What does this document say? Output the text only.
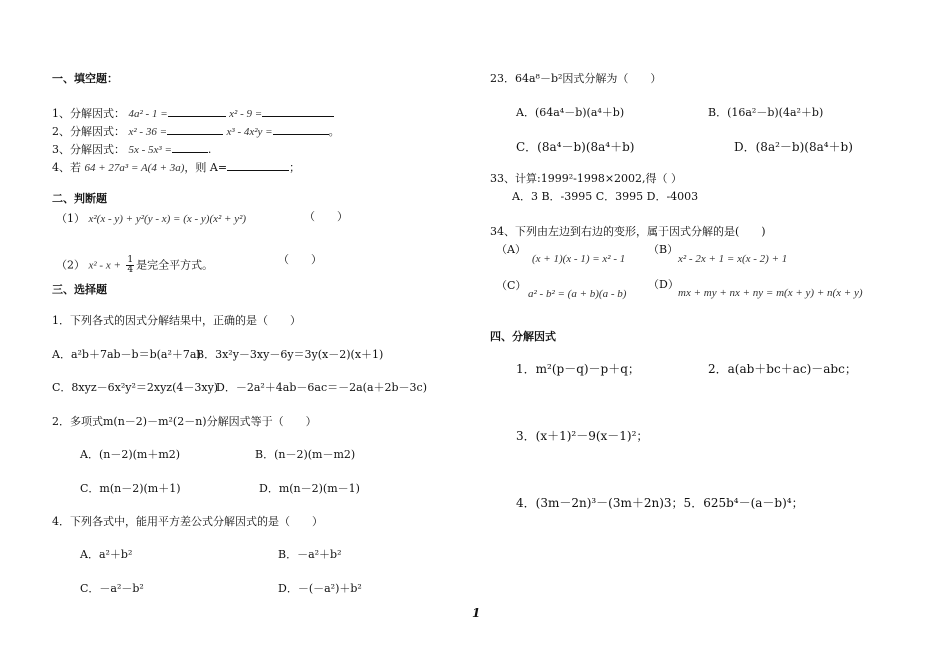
一、填空题：
1、分解因式： 4a² - 1 =	x² - 9 =
2、分解因式： x² - 36 =	x³ - 4x²y =	。
3、分解因式： 5x - 5x³ =	.
4、若 64 + 27a³ = A(4 + 3a)，则 A=	；
二、判断题
（1） x²(x - y) + y²(y - x) = (x - y)(x² + y²)	（　　）
（2） $x^2 - x + \frac{1}{4}$ 是完全平方式。	（　　）
三、选择题
1．下列各式的因式分解结果中，正确的是（　　）
A．a²b＋7ab－b＝b(a²＋7a)
B．3x²y－3xy－6y＝3y(x－2)(x＋1)
C．8xyz－6x²y²＝2xyz(4－3xy)
D．－2a²＋4ab－6ac＝－2a(a＋2b－3c)
2．多项式m(n－2)－m²(2－n)分解因式等于（　　）
A．(n－2)(m＋m2)	B．(n－2)(m－m2)
C．m(n－2)(m＋1)	D．m(n－2)(m－1)
4．下列各式中，能用平方差公式分解因式的是（　　）
A．a²＋b²	B．－a²＋b²
C．－a²－b²	D．－(－a²)＋b²
23．64a⁸－b²因式分解为（　　）
A．(64a⁴－b)(a⁴＋b)	B．(16a²－b)(4a²＋b)
C．(8a⁴－b)(8a⁴＋b)	D．(8a²－b)(8a⁴＋b)
33、计算:1999²-1998×2002,得（ ）
A．3 B．-3995 C．3995 D．-4003
34、下列由左边到右边的变形，属于因式分解的是(　　)
（A）
(x + 1)(x - 1) = x² - 1
（B）
x² - 2x + 1 = x(x - 2) + 1
（C）
a² - b² = (a + b)(a - b)
（D）
mx + my + nx + ny = m(x + y) + n(x + y)
四、分解因式
1．m²(p－q)－p＋q；	2．a(ab＋bc＋ac)－abc；
3．(x＋1)²－9(x－1)²；
4．(3m－2n)³－(3m＋2n)3；5．625b⁴－(a－b)⁴；
1
